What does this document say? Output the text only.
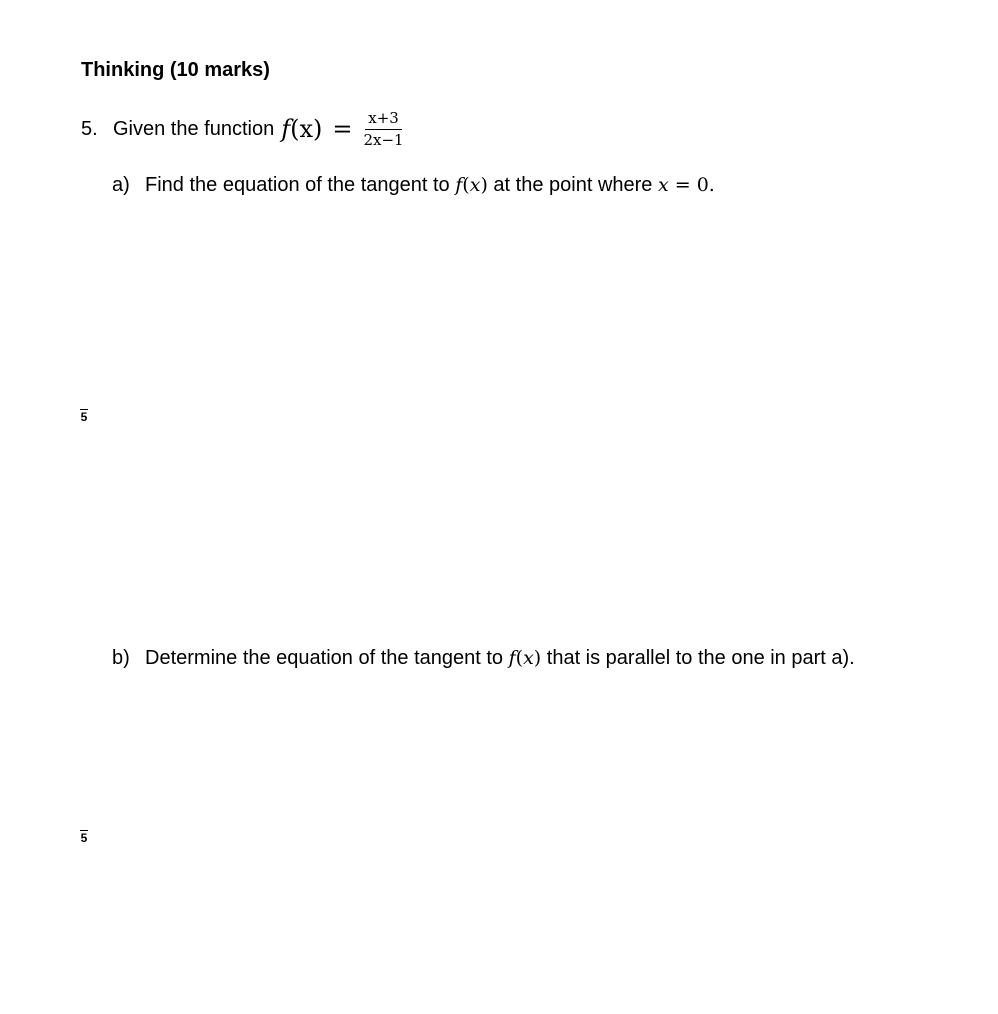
Thinking (10 marks)
5. Given the function $f(x) = \frac{x+3}{2x-1}$
a) Find the equation of the tangent to f(x) at the point where x = 0.
5
b) Determine the equation of the tangent to f(x) that is parallel to the one in part a).
5
